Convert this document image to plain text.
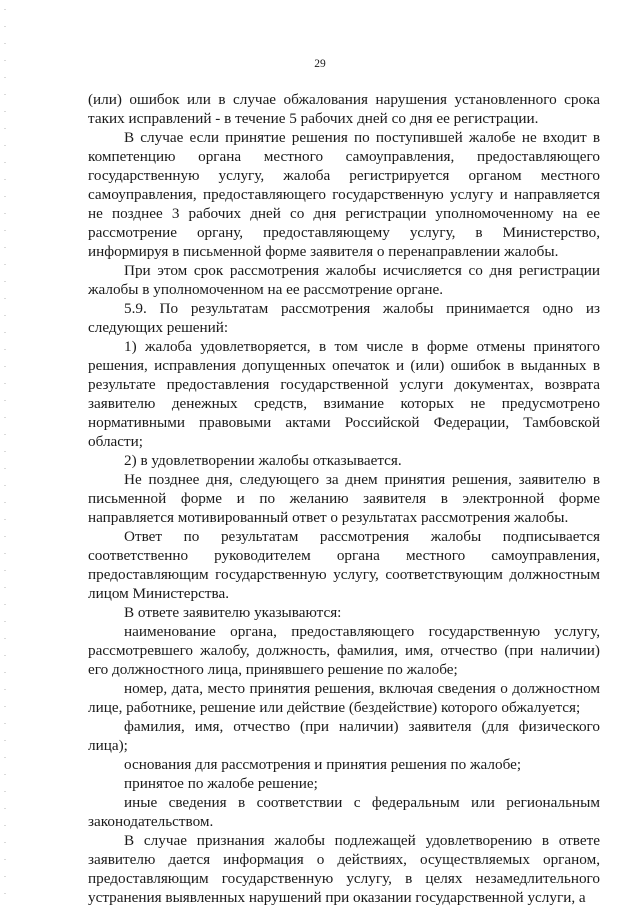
29

(или) ошибок или в случае обжалования нарушения установленного срока таких исправлений - в течение 5 рабочих дней со дня ее регистрации.

В случае если принятие решения по поступившей жалобе не входит в компетенцию органа местного самоуправления, предоставляющего государственную услугу, жалоба регистрируется органом местного самоуправления, предоставляющего государственную услугу и направляется не позднее 3 рабочих дней со дня регистрации уполномоченному на ее рассмотрение органу, предоставляющему услугу, в Министерство, информируя в письменной форме заявителя о перенаправлении жалобы.

При этом срок рассмотрения жалобы исчисляется со дня регистрации жалобы в уполномоченном на ее рассмотрение органе.

5.9. По результатам рассмотрения жалобы принимается одно из следующих решений:

1) жалоба удовлетворяется, в том числе в форме отмены принятого решения, исправления допущенных опечаток и (или) ошибок в выданных в результате предоставления государственной услуги документах, возврата заявителю денежных средств, взимание которых не предусмотрено нормативными правовыми актами Российской Федерации, Тамбовской области;

2) в удовлетворении жалобы отказывается.

Не позднее дня, следующего за днем принятия решения, заявителю в письменной форме и по желанию заявителя в электронной форме направляется мотивированный ответ о результатах рассмотрения жалобы.

Ответ по результатам рассмотрения жалобы подписывается соответственно руководителем органа местного самоуправления, предоставляющим государственную услугу, соответствующим должностным лицом Министерства.

В ответе заявителю указываются:

наименование органа, предоставляющего государственную услугу, рассмотревшего жалобу, должность, фамилия, имя, отчество (при наличии) его должностного лица, принявшего решение по жалобе;

номер, дата, место принятия решения, включая сведения о должностном лице, работнике, решение или действие (бездействие) которого обжалуется;

фамилия, имя, отчество (при наличии) заявителя (для физического лица);

основания для рассмотрения и принятия решения по жалобе;

принятое по жалобе решение;

иные сведения в соответствии с федеральным или региональным законодательством.

В случае признания жалобы подлежащей удовлетворению в ответе заявителю дается информация о действиях, осуществляемых органом, предоставляющим государственную услугу, в целях незамедлительного устранения выявленных нарушений при оказании государственной услуги, а
